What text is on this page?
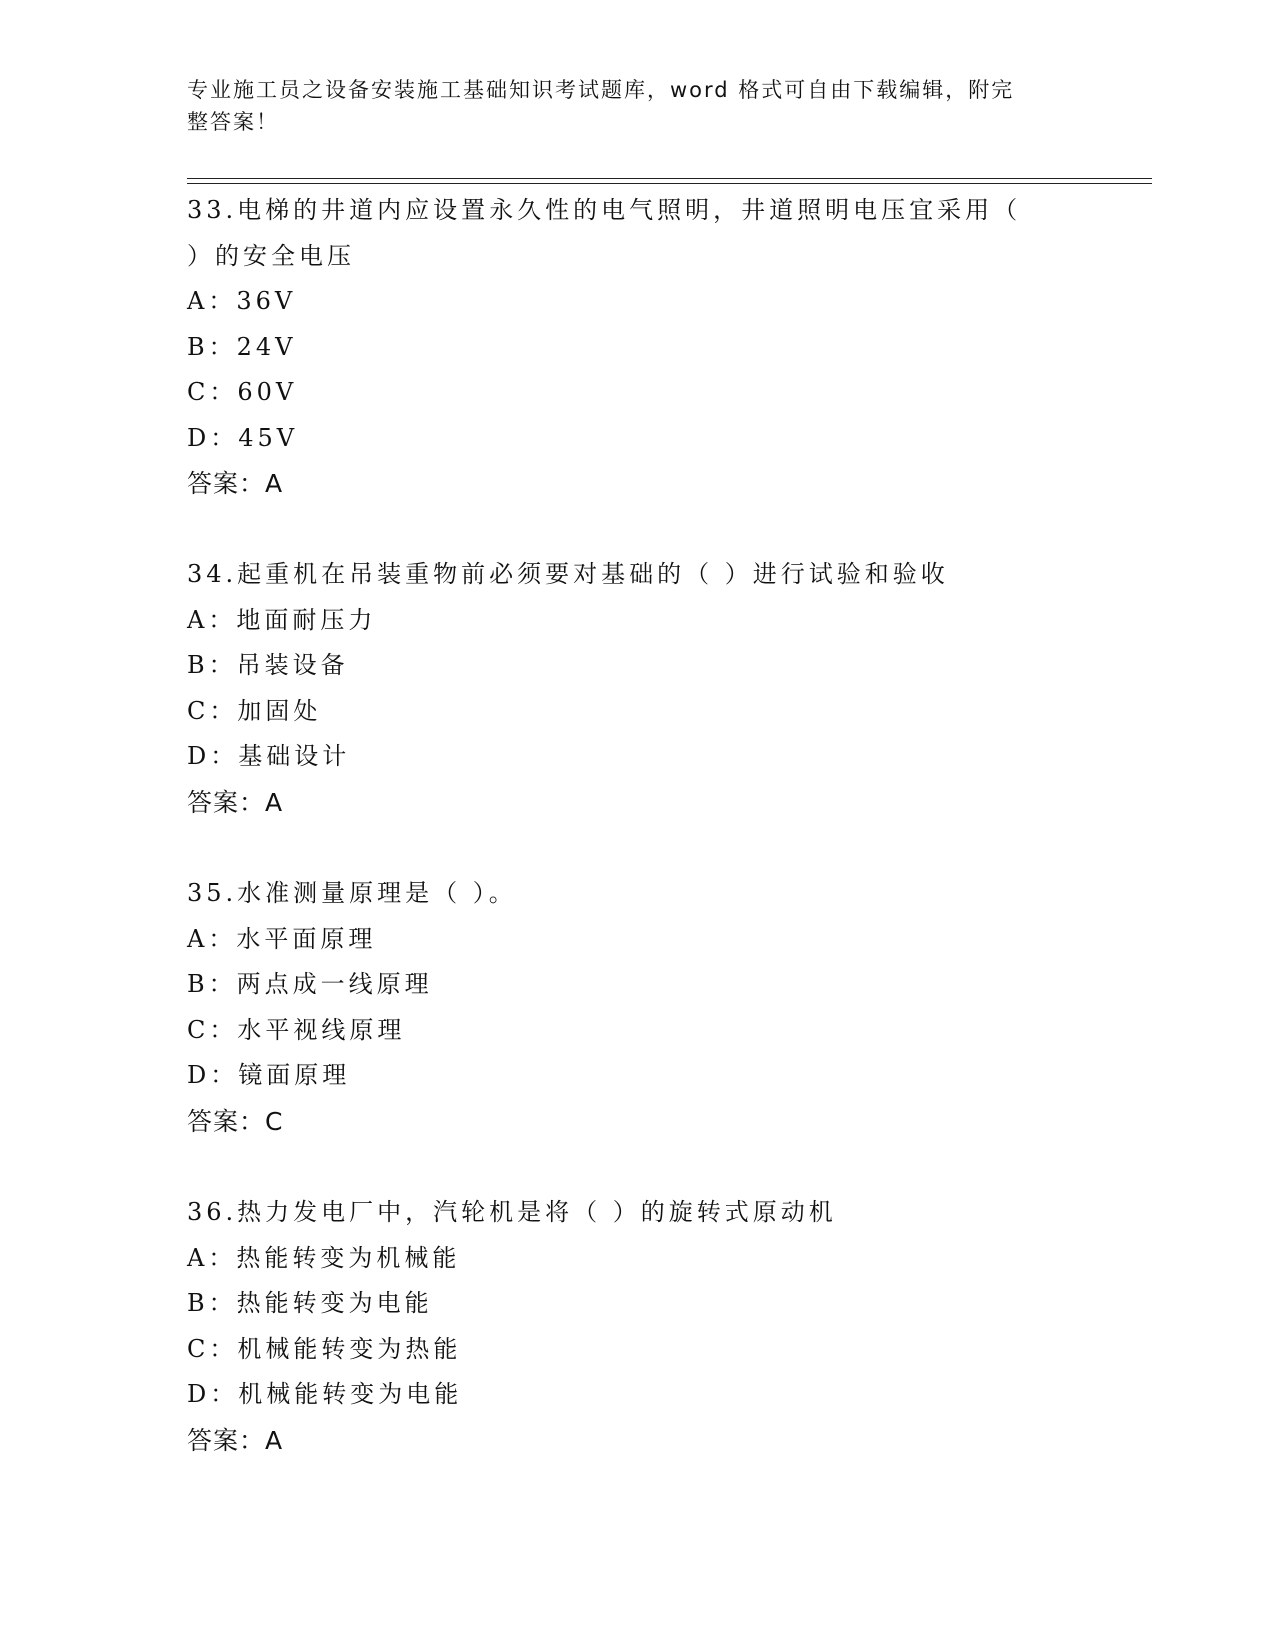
专业施工员之设备安装施工基础知识考试题库，word 格式可自由下载编辑，附完
整答案！
33.电梯的井道内应设置永久性的电气照明，井道照明电压宜采用（
）的安全电压
A：36V
B：24V
C：60V
D：45V
答案：A
34.起重机在吊装重物前必须要对基础的（ ）进行试验和验收
A：地面耐压力
B：吊装设备
C：加固处
D：基础设计
答案：A
35.水准测量原理是（ ）。
A：水平面原理
B：两点成一线原理
C：水平视线原理
D：镜面原理
答案：C
36.热力发电厂中，汽轮机是将（ ）的旋转式原动机
A：热能转变为机械能
B：热能转变为电能
C：机械能转变为热能
D：机械能转变为电能
答案：A
